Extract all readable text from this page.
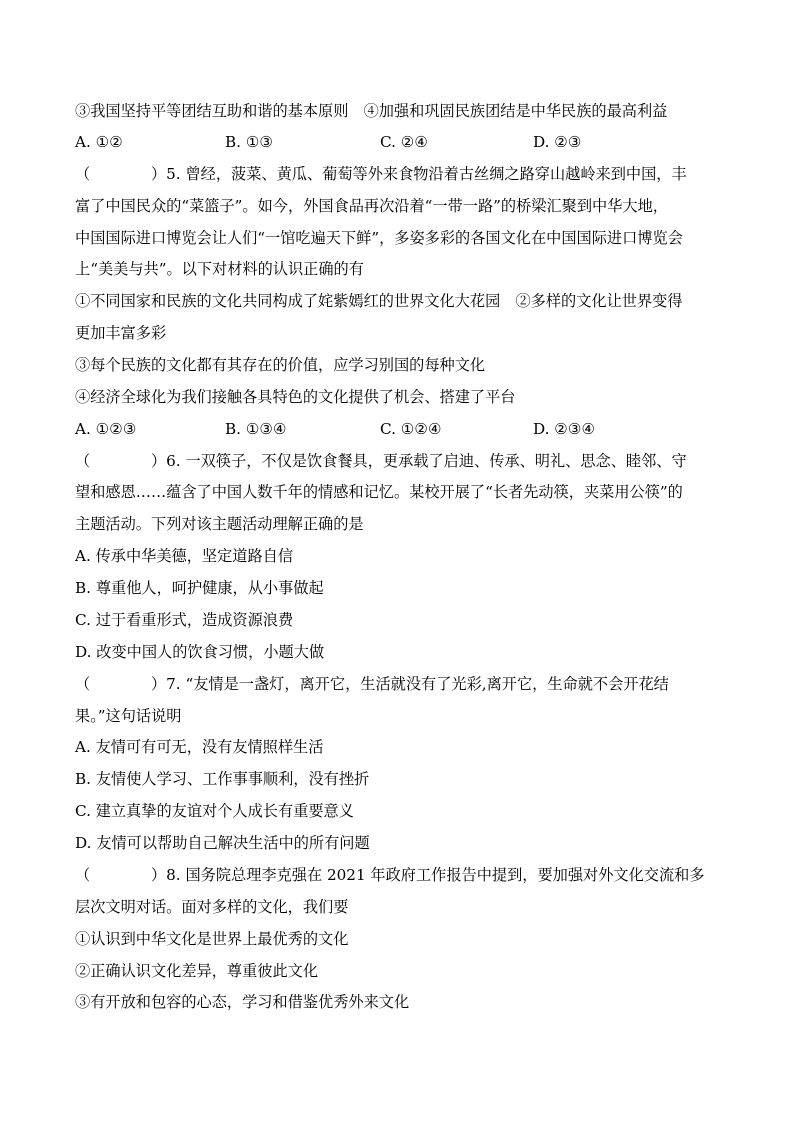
③我国坚持平等团结互助和谐的基本原则　④加强和巩固民族团结是中华民族的最高利益
A. ①②	B. ①③	C. ②④	D. ②③
（　　　　）5. 曾经，菠菜、黄瓜、葡萄等外来食物沿着古丝绸之路穿山越岭来到中国，丰
富了中国民众的“菜篮子”。如今，外国食品再次沿着“一带一路”的桥梁汇聚到中华大地，
中国国际进口博览会让人们“一馆吃遍天下鲜”，多姿多彩的各国文化在中国国际进口博览会
上“美美与共”。以下对材料的认识正确的有
①不同国家和民族的文化共同构成了姹紫嫣红的世界文化大花园　②多样的文化让世界变得
更加丰富多彩
③每个民族的文化都有其存在的价值，应学习别国的每种文化
④经济全球化为我们接触各具特色的文化提供了机会、搭建了平台
A. ①②③	B. ①③④	C. ①②④	D. ②③④
（　　　　）6. 一双筷子，不仅是饮食餐具，更承载了启迪、传承、明礼、思念、睦邻、守
望和感恩……蕴含了中国人数千年的情感和记忆。某校开展了“长者先动筷，夹菜用公筷”的
主题活动。下列对该主题活动理解正确的是
A. 传承中华美德，坚定道路自信
B. 尊重他人，呵护健康，从小事做起
C. 过于看重形式，造成资源浪费
D. 改变中国人的饮食习惯，小题大做
（　　　　）7. “友情是一盏灯，离开它，生活就没有了光彩,离开它，生命就不会开花结
果。”这句话说明
A. 友情可有可无，没有友情照样生活
B. 友情使人学习、工作事事顺利，没有挫折
C. 建立真挚的友谊对个人成长有重要意义
D. 友情可以帮助自己解决生活中的所有问题
（　　　　）8. 国务院总理李克强在 2021 年政府工作报告中提到，要加强对外文化交流和多
层次文明对话。面对多样的文化，我们要
①认识到中华文化是世界上最优秀的文化
②正确认识文化差异，尊重彼此文化
③有开放和包容的心态，学习和借鉴优秀外来文化
